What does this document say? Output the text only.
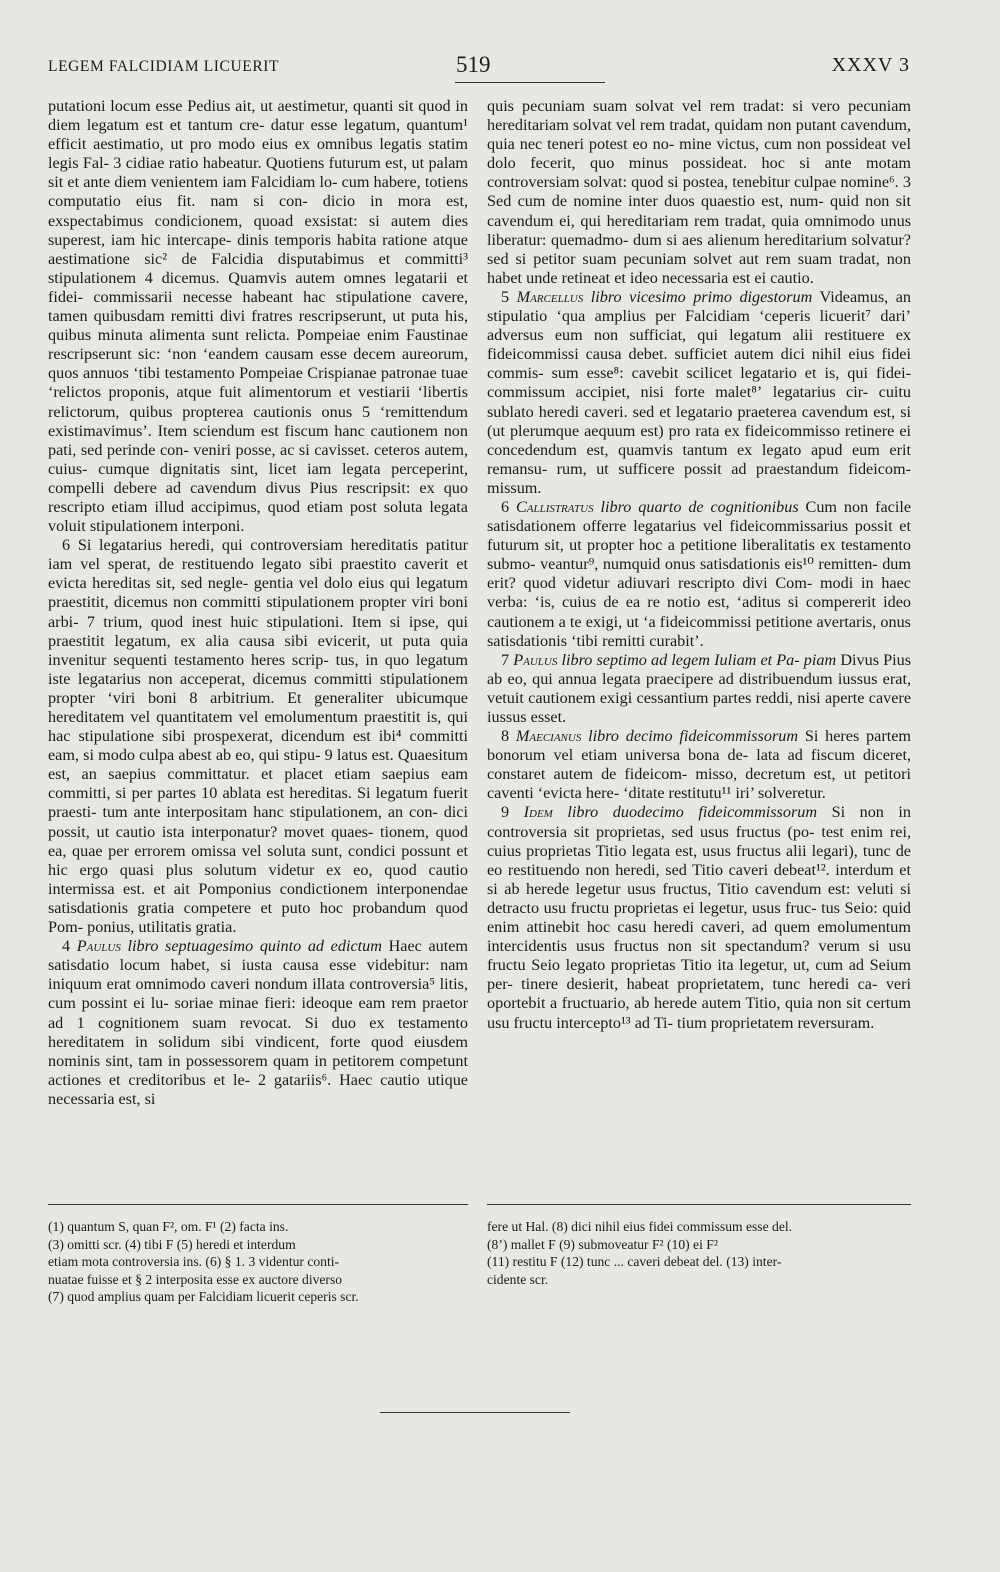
LEGEM FALCIDIAM LICUERIT	519	XXXV 3

putationi locum esse Pedius ait, ut aestimetur, quanti sit quod in diem legatum est et tantum cre- datur esse legatum, quantum¹ efficit aestimatio, ut pro modo eius ex omnibus legatis statim legis Fal- 3 cidiae ratio habeatur. Quotiens futurum est, ut palam sit et ante diem venientem iam Falcidiam lo- cum habere, totiens computatio eius fit. nam si con- dicio in mora est, exspectabimus condicionem, quoad exsistat: si autem dies superest, iam hic intercape- dinis temporis habita ratione atque aestimatione sic² de Falcidia disputabimus et committi³ stipulationem 4 dicemus. Quamvis autem omnes legatarii et fidei- commissarii necesse habeant hac stipulatione cavere, tamen quibusdam remitti divi fratres rescripserunt, ut puta his, quibus minuta alimenta sunt relicta. Pompeiae enim Faustinae rescripserunt sic: ‘non ‘eandem causam esse decem aureorum, quos annuos ‘tibi testamento Pompeiae Crispianae patronae tuae ‘relictos proponis, atque fuit alimentorum et vestiarii ‘libertis relictorum, quibus propterea cautionis onus 5 ‘remittendum existimavimus’. Item sciendum est fiscum hanc cautionem non pati, sed perinde con- veniri posse, ac si cavisset. ceteros autem, cuius- cumque dignitatis sint, licet iam legata perceperint, compelli debere ad cavendum divus Pius rescripsit: ex quo rescripto etiam illud accipimus, quod etiam post soluta legata voluit stipulationem interponi.

6 Si legatarius heredi, qui controversiam hereditatis patitur iam vel sperat, de restituendo legato sibi praestito caverit et evicta hereditas sit, sed negle- gentia vel dolo eius qui legatum praestitit, dicemus non committi stipulationem propter viri boni arbi- 7 trium, quod inest huic stipulationi. Item si ipse, qui praestitit legatum, ex alia causa sibi evicerit, ut puta quia invenitur sequenti testamento heres scrip- tus, in quo legatum iste legatarius non acceperat, dicemus committi stipulationem propter ‘viri boni 8 arbitrium. Et generaliter ubicumque hereditatem vel quantitatem vel emolumentum praestitit is, qui hac stipulatione sibi prospexerat, dicendum est ibi⁴ committi eam, si modo culpa abest ab eo, qui stipu- 9 latus est. Quaesitum est, an saepius committatur. et placet etiam saepius eam committi, si per partes 10 ablata est hereditas. Si legatum fuerit praesti- tum ante interpositam hanc stipulationem, an con- dici possit, ut cautio ista interponatur? movet quaes- tionem, quod ea, quae per errorem omissa vel soluta sunt, condici possunt et hic ergo quasi plus solutum videtur ex eo, quod cautio intermissa est. et ait Pomponius condictionem interponendae satisdationis gratia competere et puto hoc probandum quod Pom- ponius, utilitatis gratia.

4 Paulus libro septuagesimo quinto ad edictum Haec autem satisdatio locum habet, si iusta causa esse videbitur: nam iniquum erat omnimodo caveri nondum illata controversia⁵ litis, cum possint ei lu- soriae minae fieri: ideoque eam rem praetor ad 1 cognitionem suam revocat. Si duo ex testamento hereditatem in solidum sibi vindicent, forte quod eiusdem nominis sint, tam in possessorem quam in petitorem competunt actiones et creditoribus et le- 2 gatariis⁶. Haec cautio utique necessaria est, si

quis pecuniam suam solvat vel rem tradat: si vero pecuniam hereditariam solvat vel rem tradat, quidam non putant cavendum, quia nec teneri potest eo no- mine victus, cum non possideat vel dolo fecerit, quo minus possideat. hoc si ante motam controversiam solvat: quod si postea, tenebitur culpae nomine⁶. 3 Sed cum de nomine inter duos quaestio est, num- quid non sit cavendum ei, qui hereditariam rem tradat, quia omnimodo unus liberatur: quemadmo- dum si aes alienum hereditarium solvatur? sed si petitor suam pecuniam solvet aut rem suam tradat, non habet unde retineat et ideo necessaria est ei cautio.

5 Marcellus libro vicesimo primo digestorum Videamus, an stipulatio ‘qua amplius per Falcidiam ‘ceperis licuerit⁷ dari’ adversus eum non sufficiat, qui legatum alii restituere ex fideicommissi causa debet. sufficiet autem dici nihil eius fidei commis- sum esse⁸: cavebit scilicet legatario et is, qui fidei- commissum accipiet, nisi forte malet⁸ʼ legatarius cir- cuitu sublato heredi caveri. sed et legatario praeterea cavendum est, si (ut plerumque aequum est) pro rata ex fideicommisso retinere ei concedendum est, quamvis tantum ex legato apud eum erit remansu- rum, ut sufficere possit ad praestandum fideicom- missum.

6 Callistratus libro quarto de cognitionibus Cum non facile satisdationem offerre legatarius vel fideicommissarius possit et futurum sit, ut propter hoc a petitione liberalitatis ex testamento submo- veantur⁹, numquid onus satisdationis eis¹⁰ remitten- dum erit? quod videtur adiuvari rescripto divi Com- modi in haec verba: ‘is, cuius de ea re notio est, ‘aditus si compererit ideo cautionem a te exigi, ut ‘a fideicommissi petitione avertaris, onus satisdationis ‘tibi remitti curabit’.

7 Paulus libro septimo ad legem Iuliam et Pa- piam Divus Pius ab eo, qui annua legata praecipere ad distribuendum iussus erat, vetuit cautionem exigi cessantium partes reddi, nisi aperte cavere iussus esset.

8 Maecianus libro decimo fideicommissorum Si heres partem bonorum vel etiam universa bona de- lata ad fiscum diceret, constaret autem de fideicom- misso, decretum est, ut petitori caventi ‘evicta here- ‘ditate restitutu¹¹ iri’ solveretur.

9 Idem libro duodecimo fideicommissorum Si non in controversia sit proprietas, sed usus fructus (po- test enim rei, cuius proprietas Titio legata est, usus fructus alii legari), tunc de eo restituendo non heredi, sed Titio caveri debeat¹². interdum et si ab herede legetur usus fructus, Titio cavendum est: veluti si detracto usu fructu proprietas ei legetur, usus fruc- tus Seio: quid enim attinebit hoc casu heredi caveri, ad quem emolumentum intercidentis usus fructus non sit spectandum? verum si usu fructu Seio legato proprietas Titio ita legetur, ut, cum ad Seium per- tinere desierit, habeat proprietatem, tunc heredi ca- veri oportebit a fructuario, ab herede autem Titio, quia non sit certum usu fructu intercepto¹³ ad Ti- tium proprietatem reversuram.

(1) quantum S, quan F², om. F¹ (2) facta ins.
(3) omitti scr. (4) tibi F (5) heredi et interdum
etiam mota controversia ins. (6) § 1. 3 videntur conti-
nuatae fuisse et § 2 interposita esse ex auctore diverso
(7) quod amplius quam per Falcidiam licuerit ceperis scr.
fere ut Hal. (8) dici nihil eius fidei commissum esse del.
(8ʼ) mallet F (9) submoveatur F² (10) ei F²
(11) restitu F (12) tunc ... caveri debeat del. (13) inter-
cidente scr.
